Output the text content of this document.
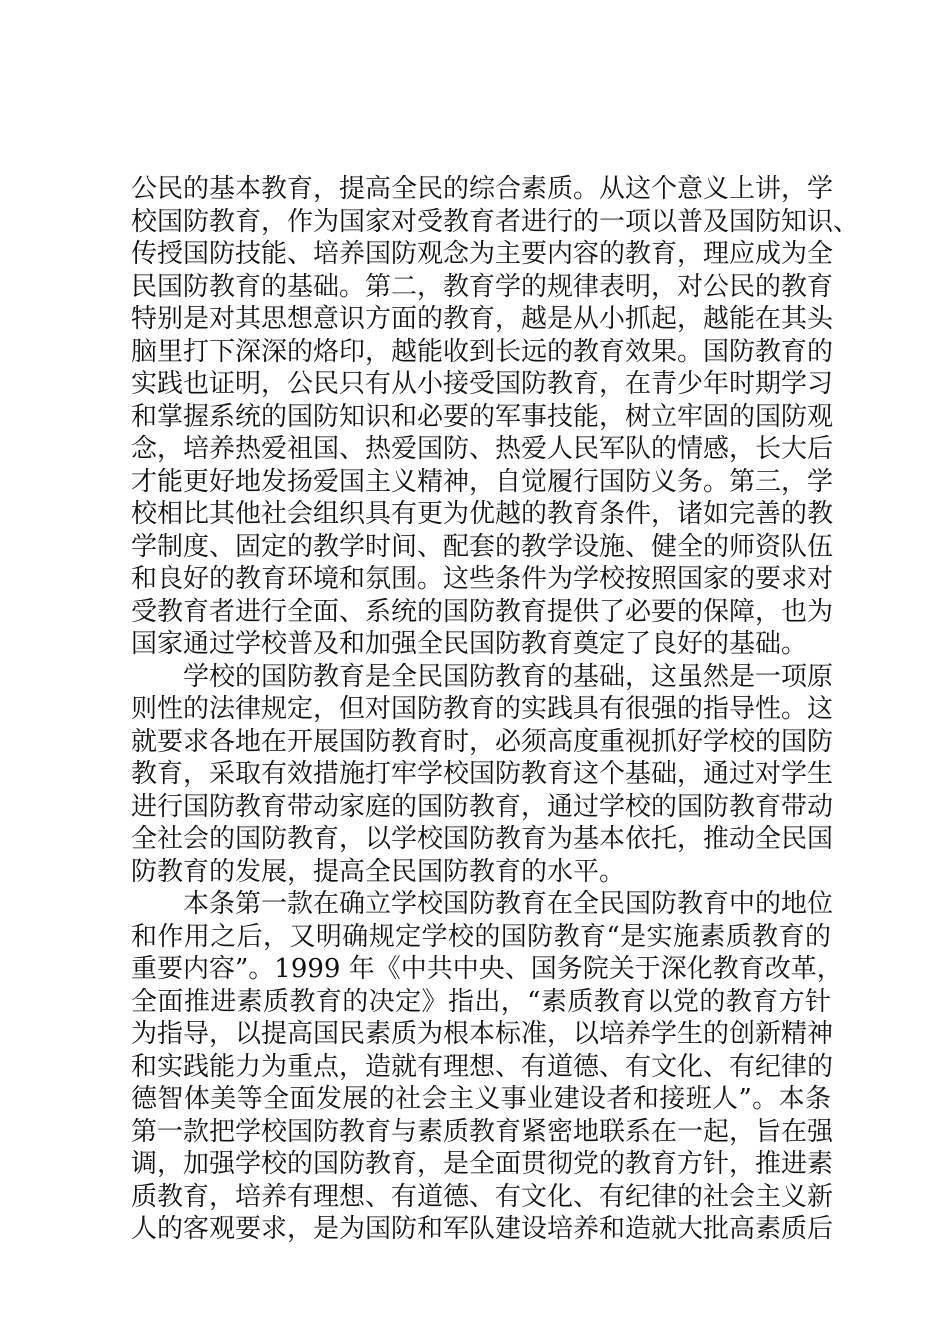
公民的基本教育，提高全民的综合素质。从这个意义上讲，学
校国防教育，作为国家对受教育者进行的一项以普及国防知识、
传授国防技能、培养国防观念为主要内容的教育，理应成为全
民国防教育的基础。第二，教育学的规律表明，对公民的教育
特别是对其思想意识方面的教育，越是从小抓起，越能在其头
脑里打下深深的烙印，越能收到长远的教育效果。国防教育的
实践也证明，公民只有从小接受国防教育，在青少年时期学习
和掌握系统的国防知识和必要的军事技能，树立牢固的国防观
念，培养热爱祖国、热爱国防、热爱人民军队的情感，长大后
才能更好地发扬爱国主义精神，自觉履行国防义务。第三，学
校相比其他社会组织具有更为优越的教育条件，诸如完善的教
学制度、固定的教学时间、配套的教学设施、健全的师资队伍
和良好的教育环境和氛围。这些条件为学校按照国家的要求对
受教育者进行全面、系统的国防教育提供了必要的保障，也为
国家通过学校普及和加强全民国防教育奠定了良好的基础。
学校的国防教育是全民国防教育的基础，这虽然是一项原
则性的法律规定，但对国防教育的实践具有很强的指导性。这
就要求各地在开展国防教育时，必须高度重视抓好学校的国防
教育，采取有效措施打牢学校国防教育这个基础，通过对学生
进行国防教育带动家庭的国防教育，通过学校的国防教育带动
全社会的国防教育，以学校国防教育为基本依托，推动全民国
防教育的发展，提高全民国防教育的水平。
本条第一款在确立学校国防教育在全民国防教育中的地位
和作用之后，又明确规定学校的国防教育“是实施素质教育的
重要内容”。1999 年《中共中央、国务院关于深化教育改革，
全面推进素质教育的决定》指出，“素质教育以党的教育方针
为指导，以提高国民素质为根本标准，以培养学生的创新精神
和实践能力为重点，造就有理想、有道德、有文化、有纪律的
德智体美等全面发展的社会主义事业建设者和接班人”。本条
第一款把学校国防教育与素质教育紧密地联系在一起，旨在强
调，加强学校的国防教育，是全面贯彻党的教育方针，推进素
质教育，培养有理想、有道德、有文化、有纪律的社会主义新
人的客观要求，是为国防和军队建设培养和造就大批高素质后
